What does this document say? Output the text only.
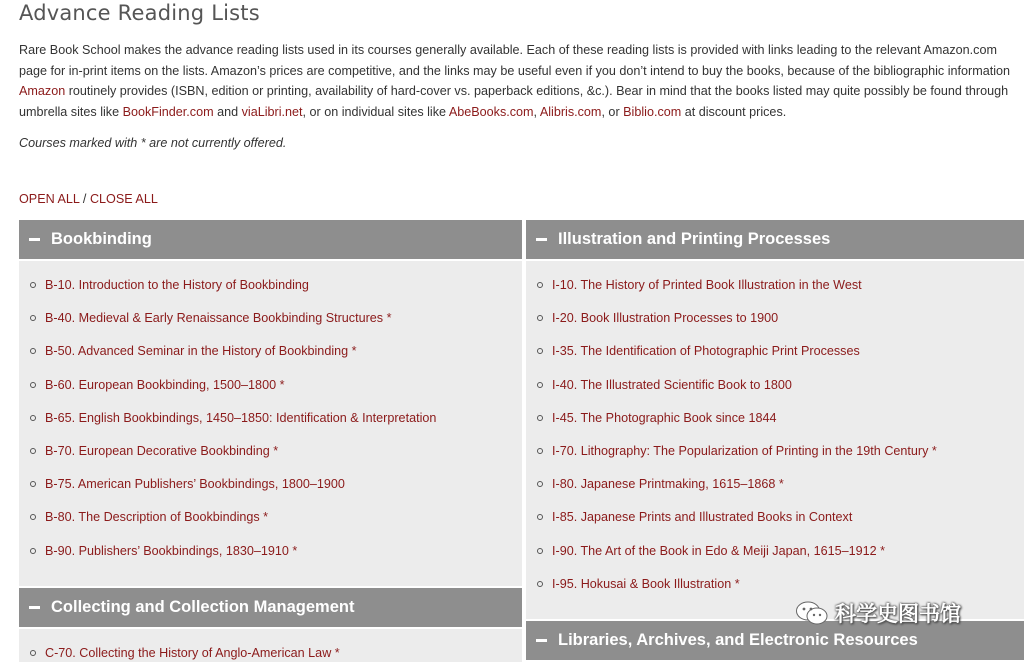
Advance Reading Lists

Rare Book School makes the advance reading lists used in its courses generally available. Each of these reading lists is provided with links leading to the relevant Amazon.com page for in-print items on the lists. Amazon’s prices are competitive, and the links may be useful even if you don’t intend to buy the books, because of the bibliographic information Amazon routinely provides (ISBN, edition or printing, availability of hard-cover vs. paperback editions, &c.). Bear in mind that the books listed may quite possibly be found through umbrella sites like BookFinder.com and viaLibri.net, or on individual sites like AbeBooks.com, Alibris.com, or Biblio.com at discount prices.

Courses marked with * are not currently offered.

OPEN ALL / CLOSE ALL
Bookbinding
B-10. Introduction to the History of Bookbinding
B-40. Medieval & Early Renaissance Bookbinding Structures *
B-50. Advanced Seminar in the History of Bookbinding *
B-60. European Bookbinding, 1500–1800 *
B-65. English Bookbindings, 1450–1850: Identification & Interpretation
B-70. European Decorative Bookbinding *
B-75. American Publishers’ Bookbindings, 1800–1900
B-80. The Description of Bookbindings *
B-90. Publishers’ Bookbindings, 1830–1910 *
Collecting and Collection Management
C-70. Collecting the History of Anglo-American Law *
Illustration and Printing Processes
I-10. The History of Printed Book Illustration in the West
I-20. Book Illustration Processes to 1900
I-35. The Identification of Photographic Print Processes
I-40. The Illustrated Scientific Book to 1800
I-45. The Photographic Book since 1844
I-70. Lithography: The Popularization of Printing in the 19th Century *
I-80. Japanese Printmaking, 1615–1868 *
I-85. Japanese Prints and Illustrated Books in Context
I-90. The Art of the Book in Edo & Meiji Japan, 1615–1912 *
I-95. Hokusai & Book Illustration *
Libraries, Archives, and Electronic Resources
科学史图书馆
